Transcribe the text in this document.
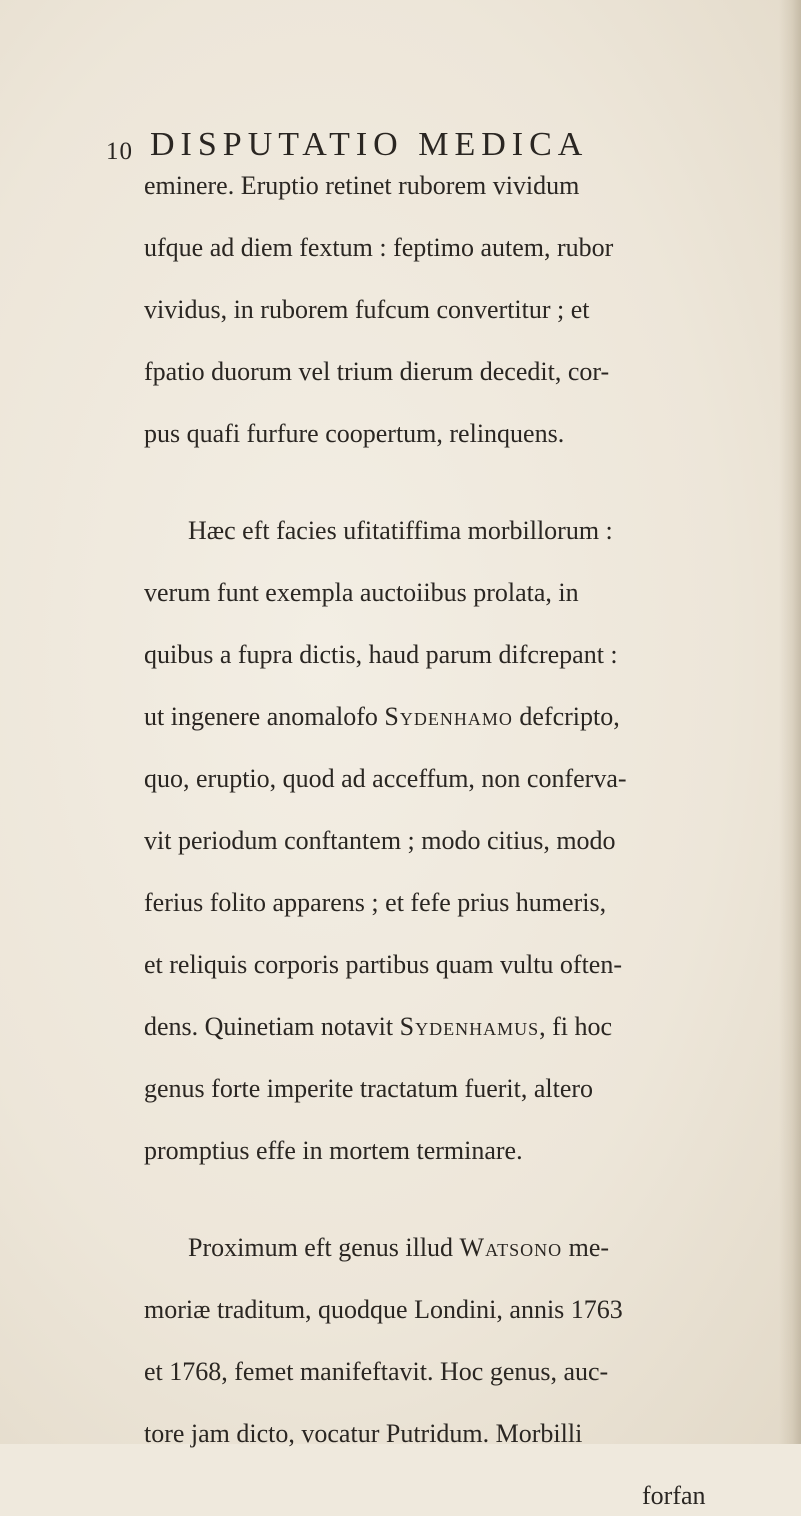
10 DISPUTATIO MEDICA
eminere. Eruptio retinet ruborem vividum
ufque ad diem fextum : feptimo autem, rubor
vividus, in ruborem fufcum convertitur ; et
fpatio duorum vel trium dierum decedit, cor-
pus quafi furfure coopertum, relinquens.
Hæc eft facies ufitatiffima morbillorum :
verum funt exempla auctoiibus prolata, in
quibus a fupra dictis, haud parum difcrepant :
ut ingenere anomalofo Sydenhamo defcripto,
quo, eruptio, quod ad acceffum, non conferva-
vit periodum conftantem ; modo citius, modo
ferius folito apparens ; et fefe prius humeris,
et reliquis corporis partibus quam vultu often-
dens. Quinetiam notavit Sydenhamus, fi hoc
genus forte imperite tractatum fuerit, altero
promptius effe in mortem terminare.
Proximum eft genus illud Watsono me-
moriæ traditum, quodque Londini, annis 1763
et 1768, femet manifeftavit. Hoc genus, auc-
tore jam dicto, vocatur Putridum. Morbilli
forfan
